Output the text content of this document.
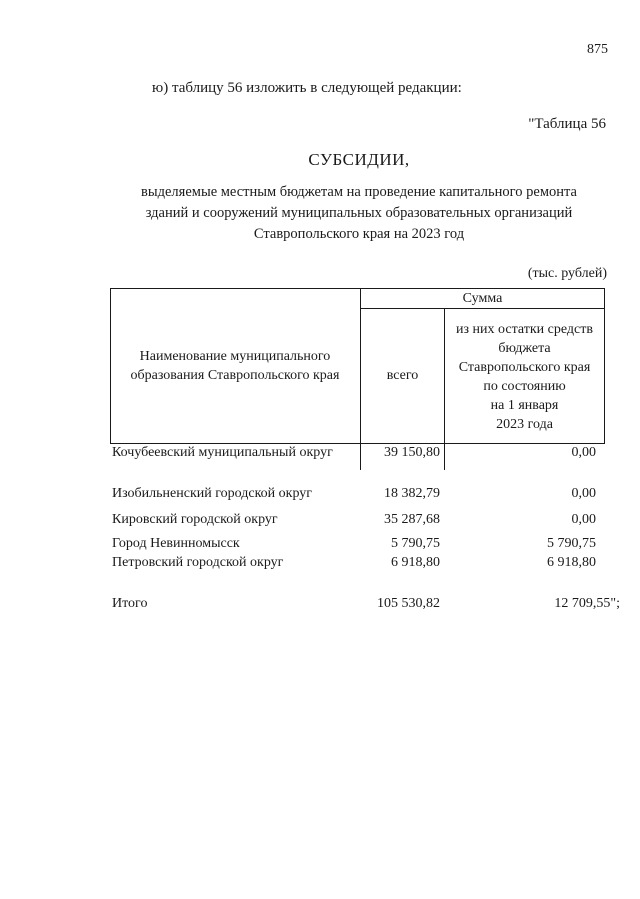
875
ю) таблицу 56 изложить в следующей редакции:
"Таблица 56
СУБСИДИИ,
выделяемые местным бюджетам на проведение капитального ремонта
зданий и сооружений муниципальных образовательных организаций
Ставропольского края на 2023 год
(тыс. рублей)
Наименование муниципального
образования Ставропольского края
Сумма
всего
из них остатки средств
бюджета
Ставропольского края
по состоянию
на 1 января
2023 года
Кочубеевский муниципальный округ	39 150,80	0,00
Изобильненский городской округ	18 382,79	0,00
Кировский городской округ	35 287,68	0,00
Город Невинномысск	5 790,75	5 790,75
Петровский городской округ	6 918,80	6 918,80
Итого	105 530,82	12 709,55";
